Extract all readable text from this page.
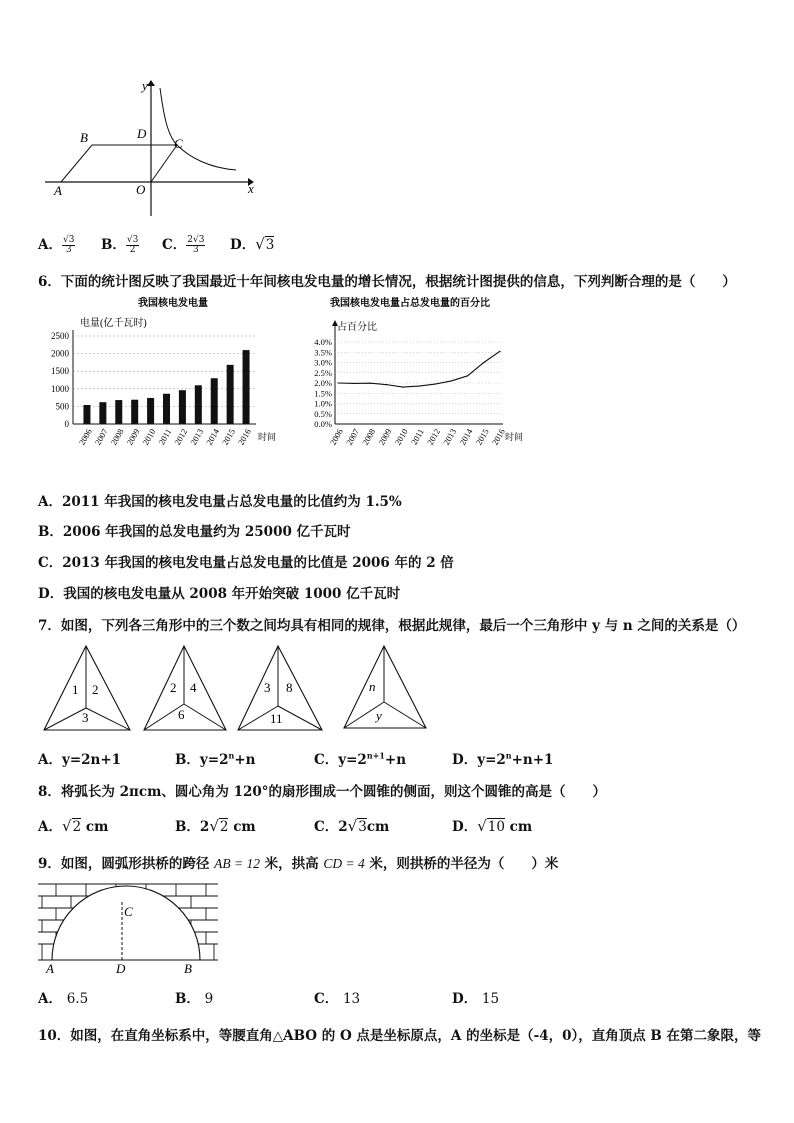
y
x
A
B	C
D
O
A． $\frac{√3}{3}$ B． $\frac{√3}{2}$ C． $\frac{2√3}{3}$ D．√3
6．下面的统计图反映了我国最近十年间核电发电量的增长情况，根据统计图提供的信息，下列判断合理的是（　　）
我国核电发电量
电量(亿千瓦时)
时间
0
500
1000
1500
2000
2500
2006
2007
2008
2009
2010
2011
2012
2013
2014
2015
2016
我国核电发电量占总发电量的百分比
占百分比
时间
0.0%
0.5%
1.0%
1.5%
2.0%
2.5%
3.0%
3.5%
4.0%
2006 2007 2008 2009 2010 2011 2012 2013 2014 2015 2016
A．2011 年我国的核电发电量占总发电量的比值约为 1.5%
B．2006 年我国的总发电量约为 25000 亿千瓦时
C．2013 年我国的核电发电量占总发电量的比值是 2006 年的 2 倍
D．我国的核电发电量从 2008 年开始突破 1000 亿千瓦时
7．如图，下列各三角形中的三个数之间均具有相同的规律，根据此规律，最后一个三角形中 y 与 n 之间的关系是（）
1 2
3
2 4
6
3 8
11
n
y
A．y=2n+1	B．$y=2^n+n$	C．$y=2^{n+1}+n$	D．$y=2^n+n+1$
8．将弧长为 2πcm、圆心角为 120°的扇形围成一个圆锥的侧面，则这个圆锥的高是（　　）
A．√2 cm	B．2√2 cm	C．2√3cm	D．√10 cm
9．如图，圆弧形拱桥的跨径 AB = 12 米，拱高 CD = 4 米，则拱桥的半径为（　　）米
C
A	D	B
A． 6.5	B． 9	C． 13	D． 15
10．如图，在直角坐标系中，等腰直角△ABO 的 O 点是坐标原点，A 的坐标是（-4，0），直角顶点 B 在第二象限，等
